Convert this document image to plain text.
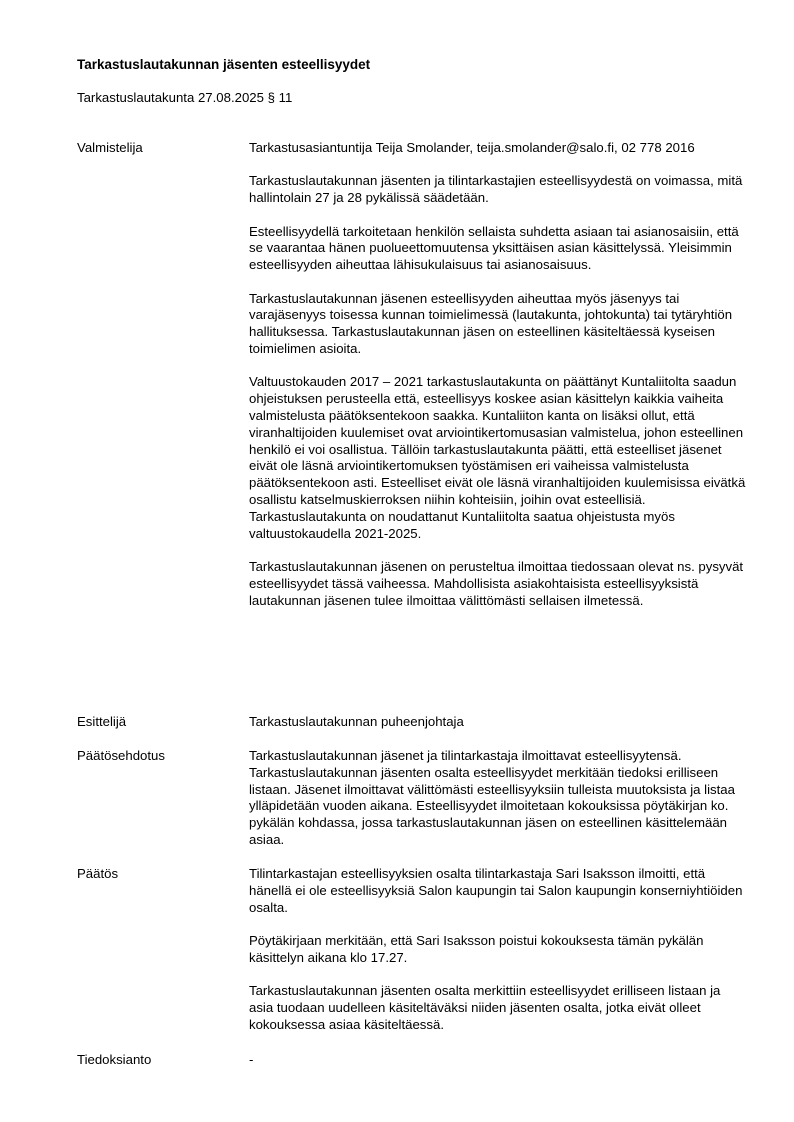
Tarkastuslautakunnan jäsenten esteellisyydet
Tarkastuslautakunta 27.08.2025 § 11
Valmistelija	Tarkastusasiantuntija Teija Smolander, teija.smolander@salo.fi, 02 778 2016

Tarkastuslautakunnan jäsenten ja tilintarkastajien esteellisyydestä on voimassa, mitä hallintolain 27 ja 28 pykälissä säädetään.

Esteellisyydellä tarkoitetaan henkilön sellaista suhdetta asiaan tai asianosaisiin, että se vaarantaa hänen puolueettomuutensa yksittäisen asian käsittelyssä. Yleisimmin esteellisyyden aiheuttaa lähisukulaisuus tai asianosaisuus.

Tarkastuslautakunnan jäsenen esteellisyyden aiheuttaa myös jäsenyys tai varajäsenyys toisessa kunnan toimielimessä (lautakunta, johtokunta) tai tytäryhtiön hallituksessa. Tarkastuslautakunnan jäsen on esteellinen käsiteltäessä kyseisen toimielimen asioita.

Valtuustokauden 2017 – 2021 tarkastuslautakunta on päättänyt Kuntaliitolta saadun ohjeistuksen perusteella että, esteellisyys koskee asian käsittelyn kaikkia vaiheita valmistelusta päätöksentekoon saakka. Kuntaliiton kanta on lisäksi ollut, että viranhaltijoiden kuulemiset ovat arviointikertomusasian valmistelua, johon esteellinen henkilö ei voi osallistua. Tällöin tarkastuslautakunta päätti, että esteelliset jäsenet eivät ole läsnä arviointikertomuksen työstämisen eri vaiheissa valmistelusta päätöksentekoon asti. Esteelliset eivät ole läsnä viranhaltijoiden kuulemisissa eivätkä osallistu katselmuskierroksen niihin kohteisiin, joihin ovat esteellisiä. Tarkastuslautakunta on noudattanut Kuntaliitolta saatua ohjeistusta myös valtuustokaudella 2021-2025.

Tarkastuslautakunnan jäsenen on perusteltua ilmoittaa tiedossaan olevat ns. pysyvät esteellisyydet tässä vaiheessa. Mahdollisista asiakohtaisista esteellisyyksistä lautakunnan jäsenen tulee ilmoittaa välittömästi sellaisen ilmetessä.

Esittelijä	Tarkastuslautakunnan puheenjohtaja

Päätösehdotus	Tarkastuslautakunnan jäsenet ja tilintarkastaja ilmoittavat esteellisyytensä. Tarkastuslautakunnan jäsenten osalta esteellisyydet merkitään tiedoksi erilliseen listaan. Jäsenet ilmoittavat välittömästi esteellisyyksiin tulleista muutoksista ja listaa ylläpidetään vuoden aikana. Esteellisyydet ilmoitetaan kokouksissa pöytäkirjan ko. pykälän kohdassa, jossa tarkastuslautakunnan jäsen on esteellinen käsittelemään asiaa.

Päätös	Tilintarkastajan esteellisyyksien osalta tilintarkastaja Sari Isaksson ilmoitti, että hänellä ei ole esteellisyyksiä Salon kaupungin tai Salon kaupungin konserniyhtiöiden osalta.

Pöytäkirjaan merkitään, että Sari Isaksson poistui kokouksesta tämän pykälän käsittelyn aikana klo 17.27.

Tarkastuslautakunnan jäsenten osalta merkittiin esteellisyydet erilliseen listaan ja asia tuodaan uudelleen käsiteltäväksi niiden jäsenten osalta, jotka eivät olleet kokouksessa asiaa käsiteltäessä.

Tiedoksianto	-
